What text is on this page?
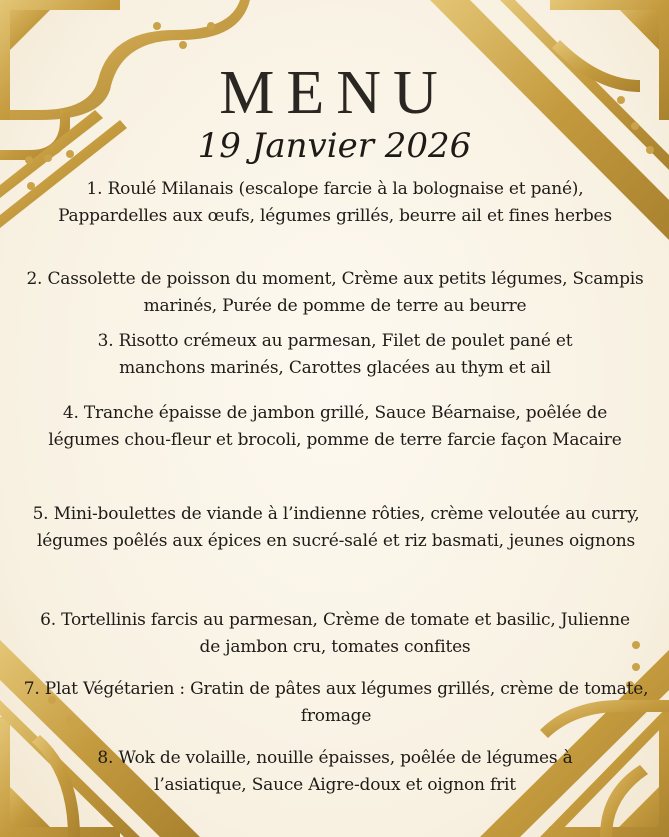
MENU
19 Janvier 2026
1. Roulé Milanais (escalope farcie à la bolognaise et pané), Pappardelles aux œufs, légumes grillés, beurre ail et fines herbes
2. Cassolette de poisson du moment, Crème aux petits légumes, Scampis marinés, Purée de pomme de terre au beurre
3. Risotto crémeux au parmesan, Filet de poulet pané et manchons marinés, Carottes glacées au thym et ail
4. Tranche épaisse de jambon grillé, Sauce Béarnaise, poêlée de légumes chou-fleur et brocoli, pomme de terre farcie façon Macaire
5. Mini-boulettes de viande à l’indienne rôties, crème veloutée au curry, légumes poêlés aux épices en sucré-salé et riz basmati, jeunes oignons
6. Tortellinis farcis au parmesan, Crème de tomate et basilic, Julienne de jambon cru, tomates confites
7. Plat Végétarien : Gratin de pâtes aux légumes grillés, crème de tomate, fromage
8. Wok de volaille, nouille épaisses, poêlée de légumes à l’asiatique, Sauce Aigre-doux et oignon frit
